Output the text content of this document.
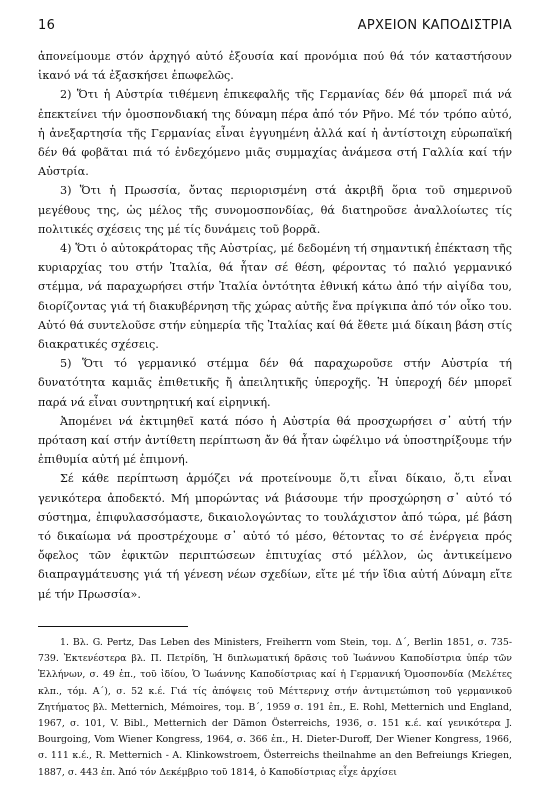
16	ΑΡΧΕΙΟΝ ΚΑΠΟΔΙΣΤΡΙΑ

ἀπονείμουμε στόν ἀρχηγό αὐτό ἐξουσία καί προνόμια πού θά τόν καταστήσουν ἱκανό νά τά ἐξασκήσει ἐπωφελῶς.

2) Ὅτι ἡ Αὐστρία τιθέμενη ἐπικεφαλῆς τῆς Γερμανίας δέν θά μπορεῖ πιά νά ἐπεκτείνει τήν ὁμοσπονδιακή της δύναμη πέρα ἀπό τόν Ρῆνο. Μέ τόν τρόπο αὐτό, ἡ ἀνεξαρτησία τῆς Γερμανίας εἶναι ἐγγυημένη ἀλλά καί ἡ ἀντίστοιχη εὐρωπαϊκή δέν θά φοβᾶται πιά τό ἐνδεχόμενο μιᾶς συμμαχίας ἀνάμεσα στή Γαλλία καί τήν Αὐστρία.

3) Ὅτι ἡ Πρωσσία, ὄντας περιορισμένη στά ἀκριβῆ ὅρια τοῦ σημερινοῦ μεγέθους της, ὡς μέλος τῆς συνομοσπονδίας, θά διατηροῦσε ἀναλλοίωτες τίς πολιτικές σχέσεις της μέ τίς δυνάμεις τοῦ βορρᾶ.

4) Ὅτι ὁ αὐτοκράτορας τῆς Αὐστρίας, μέ δεδομένη τή σημαντική ἐπέκταση τῆς κυριαρχίας του στήν Ἰταλία, θά ἦταν σέ θέση, φέροντας τό παλιό γερμανικό στέμμα, νά παραχωρήσει στήν Ἰταλία ὀντότητα ἐθνική κάτω ἀπό τήν αἰγίδα του, διορίζοντας γιά τή διακυβέρνηση τῆς χώρας αὐτῆς ἕνα πρίγκιπα ἀπό τόν οἶκο του. Αὐτό θά συντελοῦσε στήν εὐημερία τῆς Ἰταλίας καί θά ἔθετε μιά δίκαιη βάση στίς διακρατικές σχέσεις.

5) Ὅτι τό γερμανικό στέμμα δέν θά παραχωροῦσε στήν Αὐστρία τή δυνατότητα καμιᾶς ἐπιθετικῆς ἤ ἀπειλητικῆς ὑπεροχῆς. Ἡ ὑπεροχή δέν μπορεῖ παρά νά εἶναι συντηρητική καί εἰρηνική.

Ἀπομένει νά ἐκτιμηθεῖ κατά πόσο ἡ Αὐστρία θά προσχωρήσει σ᾽ αὐτή τήν πρόταση καί στήν ἀντίθετη περίπτωση ἄν θά ἦταν ὠφέλιμο νά ὑποστηρίξουμε τήν ἐπιθυμία αὐτή μέ ἐπιμονή.

Σέ κάθε περίπτωση ἁρμόζει νά προτείνουμε ὅ,τι εἶναι δίκαιο, ὅ,τι εἶναι γενικότερα ἀποδεκτό. Μή μπορώντας νά βιάσουμε τήν προσχώρηση σ᾽ αὐτό τό σύστημα, ἐπιφυλασσόμαστε, δικαιολογώντας το τουλάχιστον ἀπό τώρα, μέ βάση τό δικαίωμα νά προστρέχουμε σ᾽ αὐτό τό μέσο, θέτοντας το σέ ἐνέργεια πρός ὄφελος τῶν ἐφικτῶν περιπτώσεων ἐπιτυχίας στό μέλλον, ὡς ἀντικείμενο διαπραγμάτευσης γιά τή γένεση νέων σχεδίων, εἴτε μέ τήν ἴδια αὐτή Δύναμη εἴτε μέ τήν Πρωσσία».

1. Βλ. G. Pertz, Das Leben des Ministers, Freiherrn vom Stein, τομ. Δ´, Berlin 1851, σ. 735-739. Ἐκτενέστερα βλ. Π. Πετρίδη, Ἡ διπλωματική δρᾶσις τοῦ Ἰωάννου Καποδίστρια ὑπέρ τῶν Ἑλλήνων, σ. 49 ἐπ., τοῦ ἰδίου, Ὁ Ἰωάννης Καποδίστριας καί ἡ Γερμανική Ὁμοσπονδία (Μελέτες κλπ., τόμ. Α´), σ. 52 κ.έ. Γιά τίς ἀπόψεις τοῦ Μέττερνιχ στήν ἀντιμετώπιση τοῦ γερμανικοῦ Ζητήματος βλ. Metternich, Mémoires, τομ. Β´, 1959 σ. 191 ἐπ., E. Rohl, Metternich und England, 1967, σ. 101, V. Bibl., Metternich der Dämon Österreichs, 1936, σ. 151 κ.έ. καί γενικότερα J. Bourgoing, Vom Wiener Kongress, 1964, σ. 366 ἐπ., H. Dieter-Duroff, Der Wiener Kongress, 1966, σ. 111 κ.έ., R. Metternich - A. Klinkowstroem, Österreichs theilnahme an den Befreiungs Kriegen, 1887, σ. 443 ἐπ. Ἀπό τόν Δεκέμβριο τοῦ 1814, ὁ Καποδίστριας εἶχε ἀρχίσει
